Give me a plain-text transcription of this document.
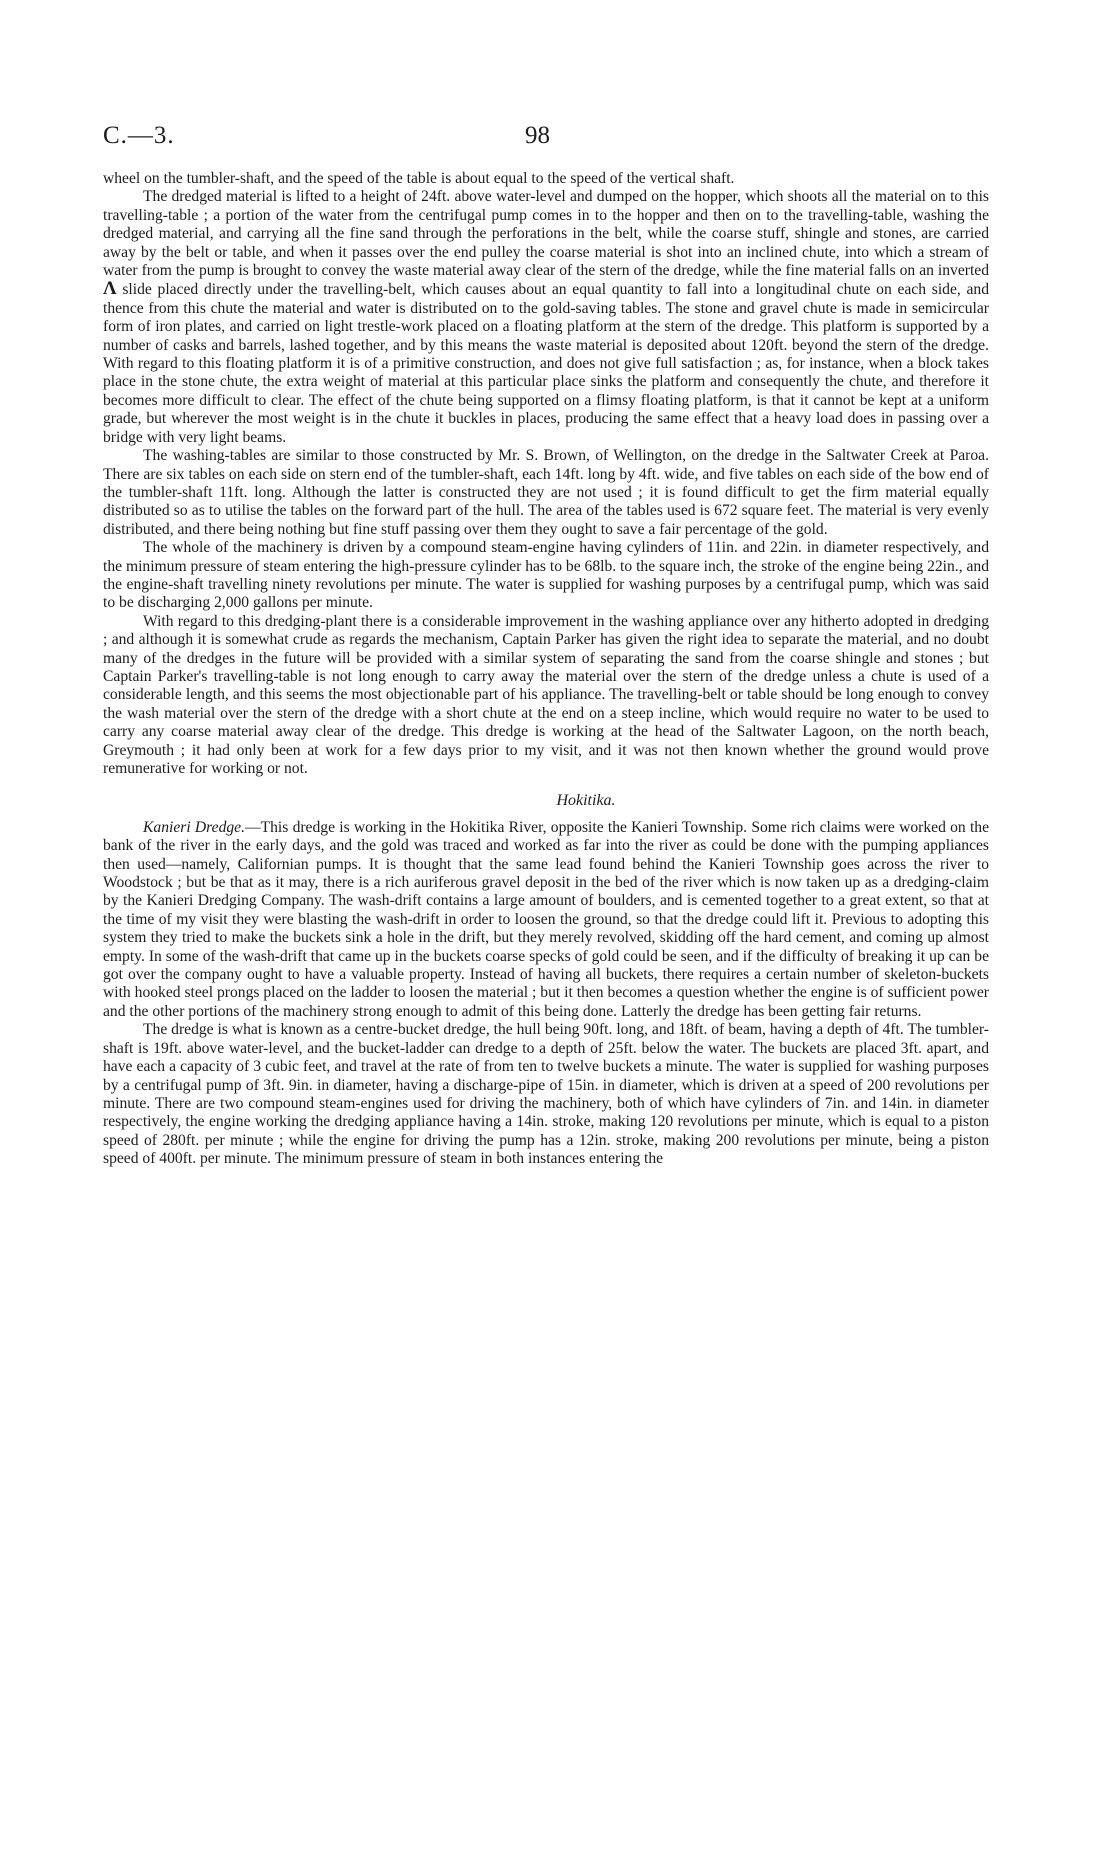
C.—3.	98

wheel on the tumbler-shaft, and the speed of the table is about equal to the speed of the vertical shaft.

The dredged material is lifted to a height of 24ft. above water-level and dumped on the hopper, which shoots all the material on to this travelling-table ; a portion of the water from the centrifugal pump comes in to the hopper and then on to the travelling-table, washing the dredged material, and carrying all the fine sand through the perforations in the belt, while the coarse stuff, shingle and stones, are carried away by the belt or table, and when it passes over the end pulley the coarse material is shot into an inclined chute, into which a stream of water from the pump is brought to convey the waste material away clear of the stern of the dredge, while the fine material falls on an inverted Λ slide placed directly under the travelling-belt, which causes about an equal quantity to fall into a longitudinal chute on each side, and thence from this chute the material and water is distributed on to the gold-saving tables. The stone and gravel chute is made in semicircular form of iron plates, and carried on light trestle-work placed on a floating platform at the stern of the dredge. This platform is supported by a number of casks and barrels, lashed together, and by this means the waste material is deposited about 120ft. beyond the stern of the dredge. With regard to this floating platform it is of a primitive construction, and does not give full satisfaction ; as, for instance, when a block takes place in the stone chute, the extra weight of material at this particular place sinks the platform and consequently the chute, and therefore it becomes more difficult to clear. The effect of the chute being supported on a flimsy floating platform, is that it cannot be kept at a uniform grade, but wherever the most weight is in the chute it buckles in places, producing the same effect that a heavy load does in passing over a bridge with very light beams.

The washing-tables are similar to those constructed by Mr. S. Brown, of Wellington, on the dredge in the Saltwater Creek at Paroa. There are six tables on each side on stern end of the tumbler-shaft, each 14ft. long by 4ft. wide, and five tables on each side of the bow end of the tumbler-shaft 11ft. long. Although the latter is constructed they are not used ; it is found difficult to get the firm material equally distributed so as to utilise the tables on the forward part of the hull. The area of the tables used is 672 square feet. The material is very evenly distributed, and there being nothing but fine stuff passing over them they ought to save a fair percentage of the gold.

The whole of the machinery is driven by a compound steam-engine having cylinders of 11in. and 22in. in diameter respectively, and the minimum pressure of steam entering the high-pressure cylinder has to be 68lb. to the square inch, the stroke of the engine being 22in., and the engine-shaft travelling ninety revolutions per minute. The water is supplied for washing purposes by a centrifugal pump, which was said to be discharging 2,000 gallons per minute.

With regard to this dredging-plant there is a considerable improvement in the washing appliance over any hitherto adopted in dredging ; and although it is somewhat crude as regards the mechanism, Captain Parker has given the right idea to separate the material, and no doubt many of the dredges in the future will be provided with a similar system of separating the sand from the coarse shingle and stones ; but Captain Parker's travelling-table is not long enough to carry away the material over the stern of the dredge unless a chute is used of a considerable length, and this seems the most objectionable part of his appliance. The travelling-belt or table should be long enough to convey the wash material over the stern of the dredge with a short chute at the end on a steep incline, which would require no water to be used to carry any coarse material away clear of the dredge. This dredge is working at the head of the Saltwater Lagoon, on the north beach, Greymouth ; it had only been at work for a few days prior to my visit, and it was not then known whether the ground would prove remunerative for working or not.

Hokitika.

Kanieri Dredge.—This dredge is working in the Hokitika River, opposite the Kanieri Township. Some rich claims were worked on the bank of the river in the early days, and the gold was traced and worked as far into the river as could be done with the pumping appliances then used—namely, Californian pumps. It is thought that the same lead found behind the Kanieri Township goes across the river to Woodstock ; but be that as it may, there is a rich auriferous gravel deposit in the bed of the river which is now taken up as a dredging-claim by the Kanieri Dredging Company. The wash-drift contains a large amount of boulders, and is cemented together to a great extent, so that at the time of my visit they were blasting the wash-drift in order to loosen the ground, so that the dredge could lift it. Previous to adopting this system they tried to make the buckets sink a hole in the drift, but they merely revolved, skidding off the hard cement, and coming up almost empty. In some of the wash-drift that came up in the buckets coarse specks of gold could be seen, and if the difficulty of breaking it up can be got over the company ought to have a valuable property. Instead of having all buckets, there requires a certain number of skeleton-buckets with hooked steel prongs placed on the ladder to loosen the material ; but it then becomes a question whether the engine is of sufficient power and the other portions of the machinery strong enough to admit of this being done. Latterly the dredge has been getting fair returns.

The dredge is what is known as a centre-bucket dredge, the hull being 90ft. long, and 18ft. of beam, having a depth of 4ft. The tumbler-shaft is 19ft. above water-level, and the bucket-ladder can dredge to a depth of 25ft. below the water. The buckets are placed 3ft. apart, and have each a capacity of 3 cubic feet, and travel at the rate of from ten to twelve buckets a minute. The water is supplied for washing purposes by a centrifugal pump of 3ft. 9in. in diameter, having a discharge-pipe of 15in. in diameter, which is driven at a speed of 200 revolutions per minute. There are two compound steam-engines used for driving the machinery, both of which have cylinders of 7in. and 14in. in diameter respectively, the engine working the dredging appliance having a 14in. stroke, making 120 revolutions per minute, which is equal to a piston speed of 280ft. per minute ; while the engine for driving the pump has a 12in. stroke, making 200 revolutions per minute, being a piston speed of 400ft. per minute. The minimum pressure of steam in both instances entering the
